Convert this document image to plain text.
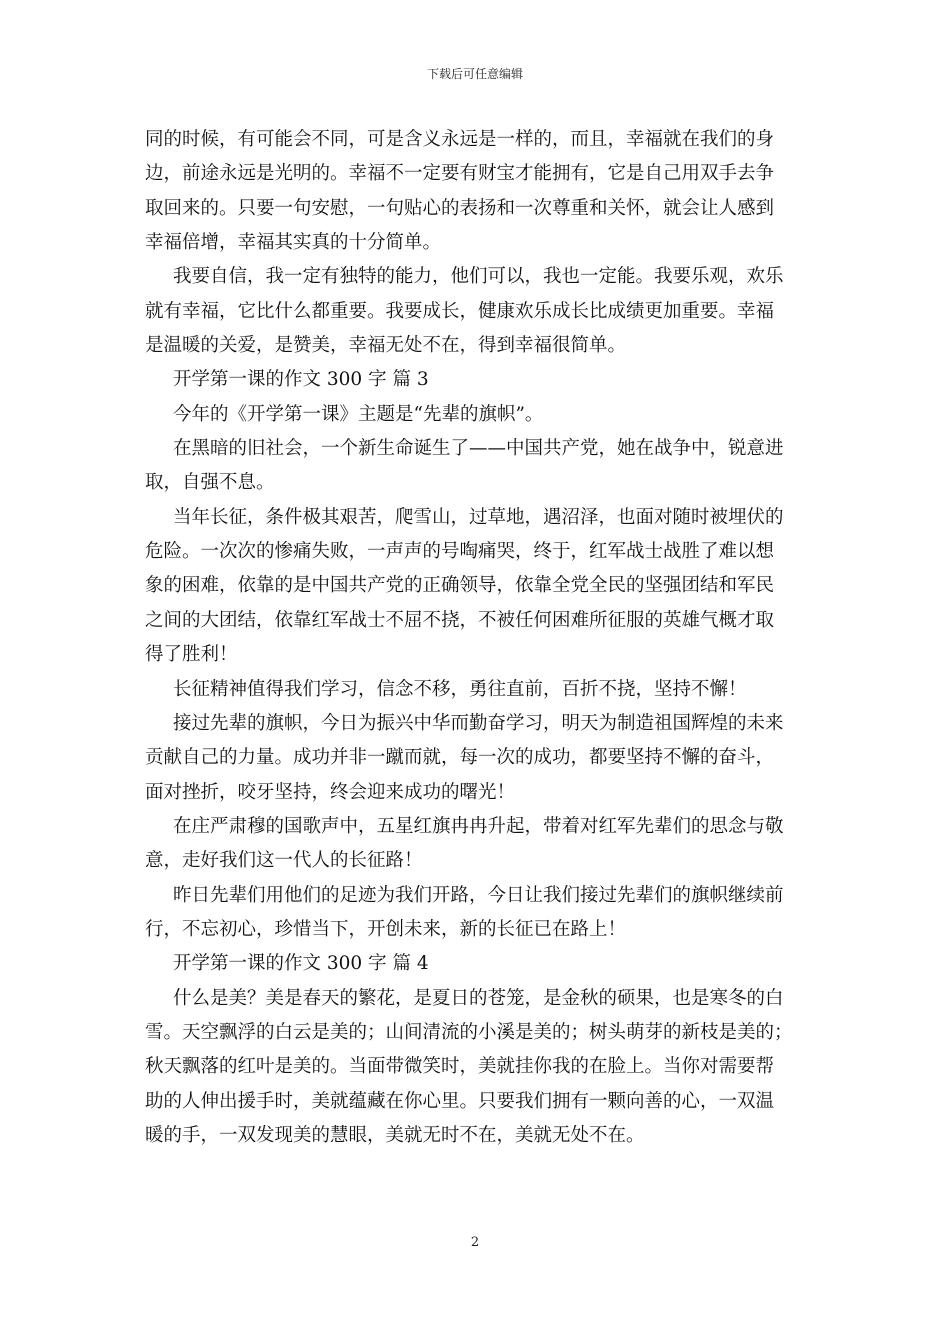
下载后可任意编辑
同的时候，有可能会不同，可是含义永远是一样的，而且，幸福就在我们的身
边，前途永远是光明的。幸福不一定要有财宝才能拥有，它是自己用双手去争
取回来的。只要一句安慰，一句贴心的表扬和一次尊重和关怀，就会让人感到
幸福倍增，幸福其实真的十分简单。
我要自信，我一定有独特的能力，他们可以，我也一定能。我要乐观，欢乐
就有幸福，它比什么都重要。我要成长，健康欢乐成长比成绩更加重要。幸福
是温暖的关爱，是赞美，幸福无处不在，得到幸福很简单。
开学第一课的作文 300 字 篇 3
今年的《开学第一课》主题是“先辈的旗帜”。
在黑暗的旧社会，一个新生命诞生了——中国共产党，她在战争中，锐意进
取，自强不息。
当年长征，条件极其艰苦，爬雪山，过草地，遇沼泽，也面对随时被埋伏的
危险。一次次的惨痛失败，一声声的号啕痛哭，终于，红军战士战胜了难以想
象的困难，依靠的是中国共产党的正确领导，依靠全党全民的坚强团结和军民
之间的大团结，依靠红军战士不屈不挠，不被任何困难所征服的英雄气概才取
得了胜利！
长征精神值得我们学习，信念不移，勇往直前，百折不挠，坚持不懈！
接过先辈的旗帜，今日为振兴中华而勤奋学习，明天为制造祖国辉煌的未来
贡献自己的力量。成功并非一蹴而就，每一次的成功，都要坚持不懈的奋斗，
面对挫折，咬牙坚持，终会迎来成功的曙光！
在庄严肃穆的国歌声中，五星红旗冉冉升起，带着对红军先辈们的思念与敬
意，走好我们这一代人的长征路！
昨日先辈们用他们的足迹为我们开路，今日让我们接过先辈们的旗帜继续前
行，不忘初心，珍惜当下，开创未来，新的长征已在路上！
开学第一课的作文 300 字 篇 4
什么是美？美是春天的繁花，是夏日的苍笼，是金秋的硕果，也是寒冬的白
雪。天空飘浮的白云是美的；山间清流的小溪是美的；树头萌芽的新枝是美的；
秋天飘落的红叶是美的。当面带微笑时，美就挂你我的在脸上。当你对需要帮
助的人伸出援手时，美就蕴藏在你心里。只要我们拥有一颗向善的心，一双温
暖的手，一双发现美的慧眼，美就无时不在，美就无处不在。
2
